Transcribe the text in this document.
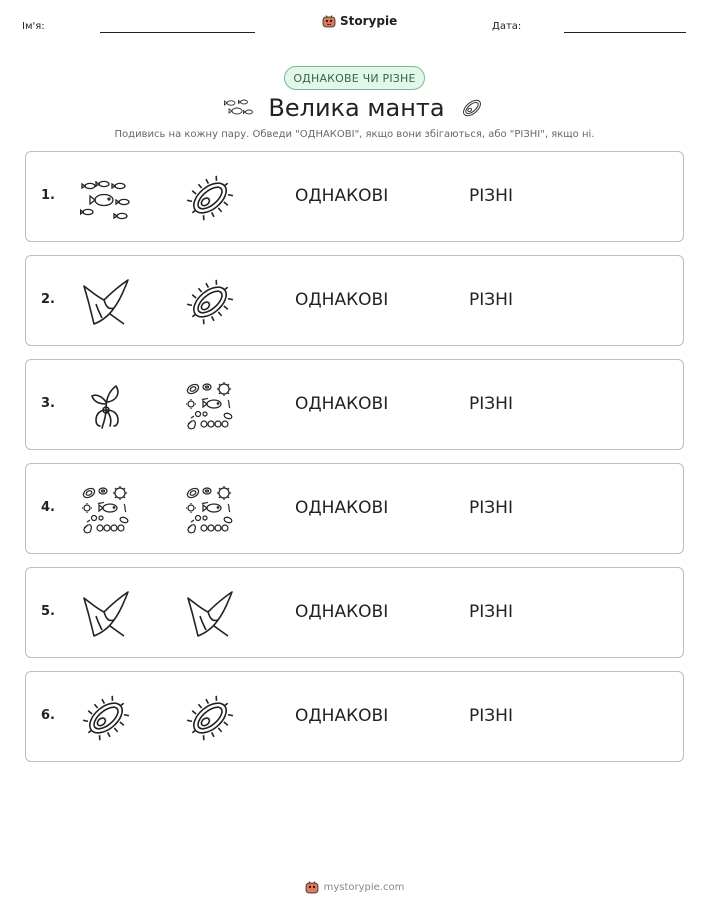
Ім'я:	Storypie	Дата:
ОДНАКОВЕ ЧИ РІЗНЕ
Велика манта
Подивись на кожну пару. Обведи "ОДНАКОВІ", якщо вони збігаються, або "РІЗНІ", якщо ні.
1.	ОДНАКОВІ	РІЗНІ
2.	ОДНАКОВІ	РІЗНІ
3.	ОДНАКОВІ	РІЗНІ
4.	ОДНАКОВІ	РІЗНІ
5.	ОДНАКОВІ	РІЗНІ
6.	ОДНАКОВІ	РІЗНІ
mystorypie.com
